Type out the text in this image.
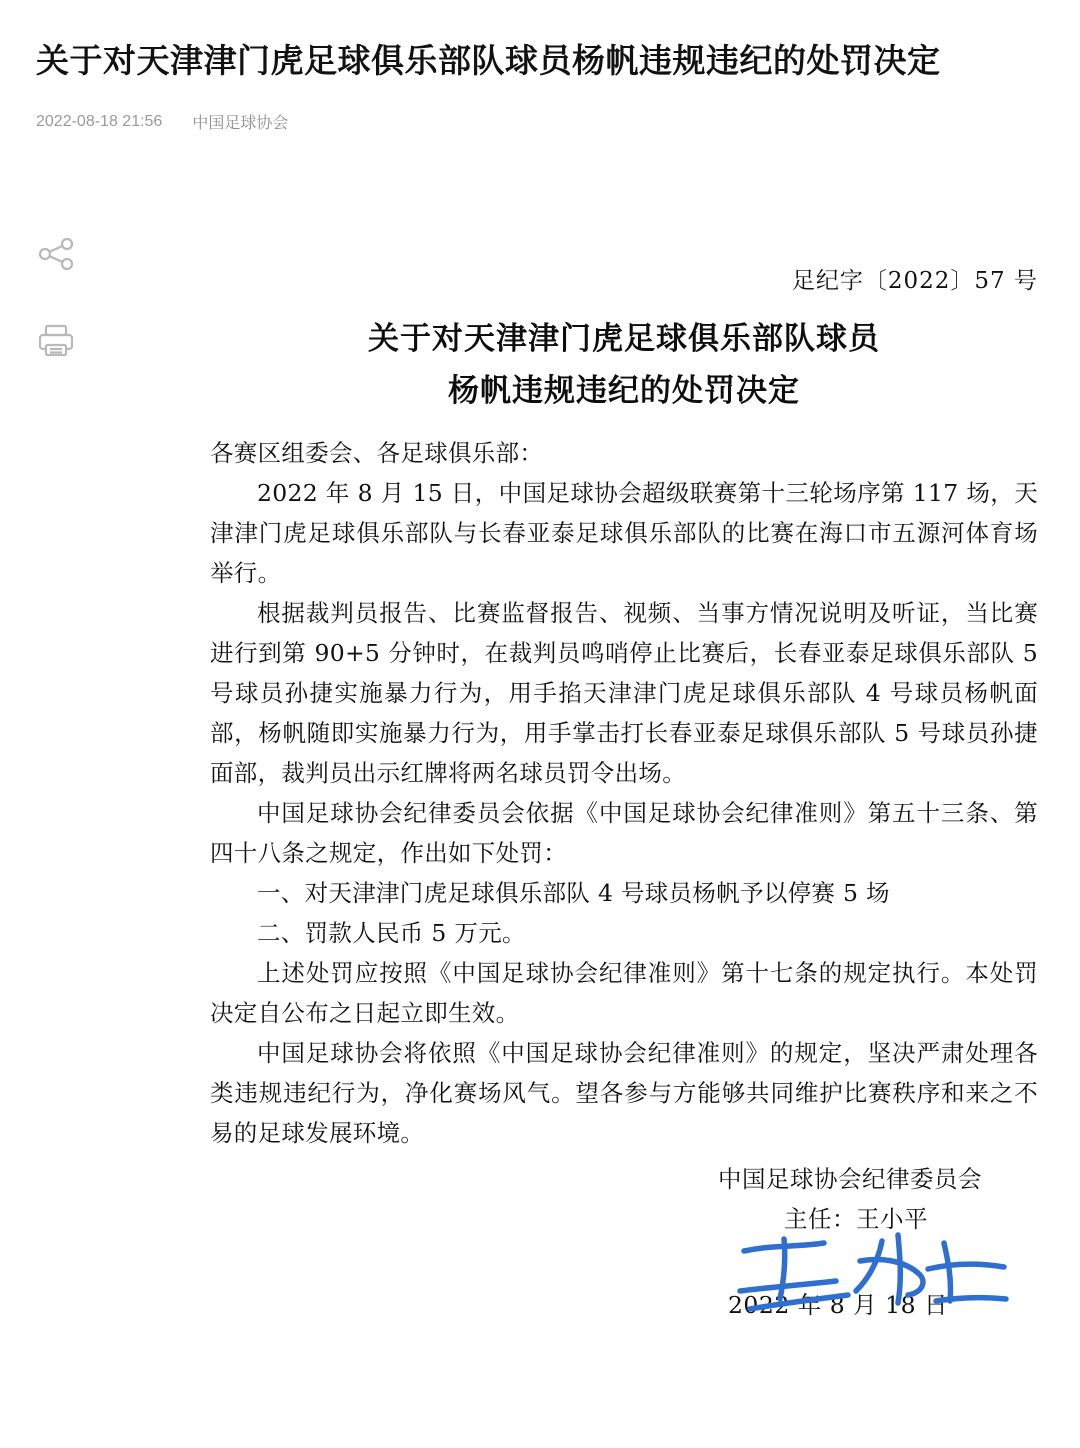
关于对天津津门虎足球俱乐部队球员杨帆违规违纪的处罚决定
2022-08-18 21:56 中国足球协会
足纪字〔2022〕57 号
关于对天津津门虎足球俱乐部队球员
杨帆违规违纪的处罚决定

各赛区组委会、各足球俱乐部：

2022 年 8 月 15 日，中国足球协会超级联赛第十三轮场序第 117 场，天津津门虎足球俱乐部队与长春亚泰足球俱乐部队的比赛在海口市五源河体育场举行。

根据裁判员报告、比赛监督报告、视频、当事方情况说明及听证，当比赛进行到第 90+5 分钟时，在裁判员鸣哨停止比赛后，长春亚泰足球俱乐部队 5 号球员孙捷实施暴力行为，用手掐天津津门虎足球俱乐部队 4 号球员杨帆面部，杨帆随即实施暴力行为，用手掌击打长春亚泰足球俱乐部队 5 号球员孙捷面部，裁判员出示红牌将两名球员罚令出场。

中国足球协会纪律委员会依据《中国足球协会纪律准则》第五十三条、第四十八条之规定，作出如下处罚：

一、对天津津门虎足球俱乐部队 4 号球员杨帆予以停赛 5 场

二、罚款人民币 5 万元。

上述处罚应按照《中国足球协会纪律准则》第十七条的规定执行。本处罚决定自公布之日起立即生效。

中国足球协会将依照《中国足球协会纪律准则》的规定，坚决严肃处理各类违规违纪行为，净化赛场风气。望各参与方能够共同维护比赛秩序和来之不易的足球发展环境。

中国足球协会纪律委员会
主任：王小平
2022 年 8 月 18 日
